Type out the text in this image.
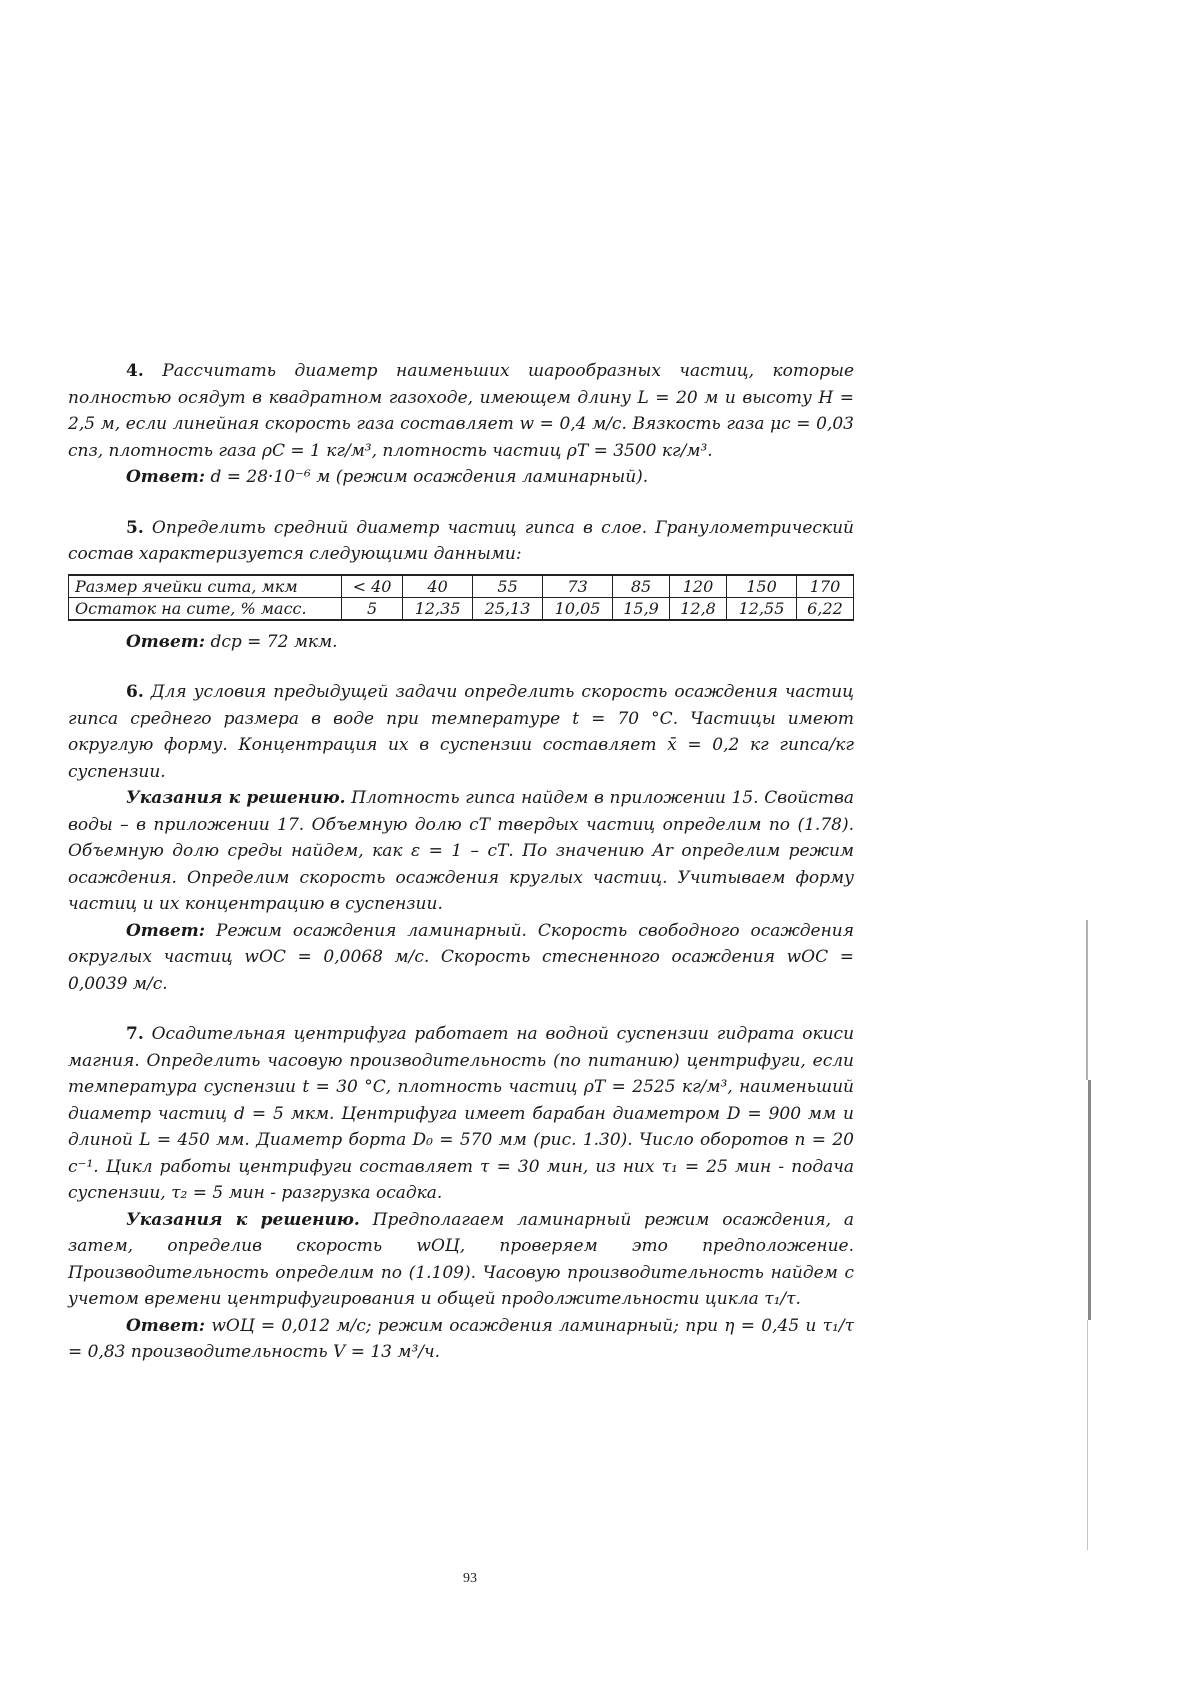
4. Рассчитать диаметр наименьших шарообразных частиц, которые полностью осядут в квадратном газоходе, имеющем длину L = 20 м и высоту H = 2,5 м, если линейная скорость газа составляет w = 0,4 м/с. Вязкость газа μс = 0,03 спз, плотность газа ρС = 1 кг/м³, плотность частиц ρТ = 3500 кг/м³.

Ответ: d = 28·10⁻⁶ м (режим осаждения ламинарный).

5. Определить средний диаметр частиц гипса в слое. Гранулометрический состав характеризуется следующими данными:

Размер ячейки сита, мкм	< 40	40	55	73	85	120	150	170
Остаток на сите, % масс.	5	12,35	25,13	10,05	15,9	12,8	12,55	6,22

Ответ: dср = 72 мкм.

6. Для условия предыдущей задачи определить скорость осаждения частиц гипса среднего размера в воде при температуре t = 70 °С. Частицы имеют округлую форму. Концентрация их в суспензии составляет x̄ = 0,2 кг гипса/кг суспензии.

Указания к решению. Плотность гипса найдем в приложении 15. Свойства воды – в приложении 17. Объемную долю cТ твердых частиц определим по (1.78). Объемную долю среды найдем, как ε = 1 – cТ. По значению Ar определим режим осаждения. Определим скорость осаждения круглых частиц. Учитываем форму частиц и их концентрацию в суспензии.

Ответ: Режим осаждения ламинарный. Скорость свободного осаждения округлых частиц wОС = 0,0068 м/с. Скорость стесненного осаждения wОС = 0,0039 м/с.

7. Осадительная центрифуга работает на водной суспензии гидрата окиси магния. Определить часовую производительность (по питанию) центрифуги, если температура суспензии t = 30 °С, плотность частиц ρТ = 2525 кг/м³, наименьший диаметр частиц d = 5 мкм. Центрифуга имеет барабан диаметром D = 900 мм и длиной L = 450 мм. Диаметр борта D₀ = 570 мм (рис. 1.30). Число оборотов n = 20 с⁻¹. Цикл работы центрифуги составляет τ = 30 мин, из них τ₁ = 25 мин - подача суспензии, τ₂ = 5 мин - разгрузка осадка.

Указания к решению. Предполагаем ламинарный режим осаждения, а затем, определив скорость wОЦ, проверяем это предположение. Производительность определим по (1.109). Часовую производительность найдем с учетом времени центрифугирования и общей продолжительности цикла τ₁/τ.

Ответ: wОЦ = 0,012 м/с; режим осаждения ламинарный; при η = 0,45 и τ₁/τ = 0,83 производительность V = 13 м³/ч.

93
